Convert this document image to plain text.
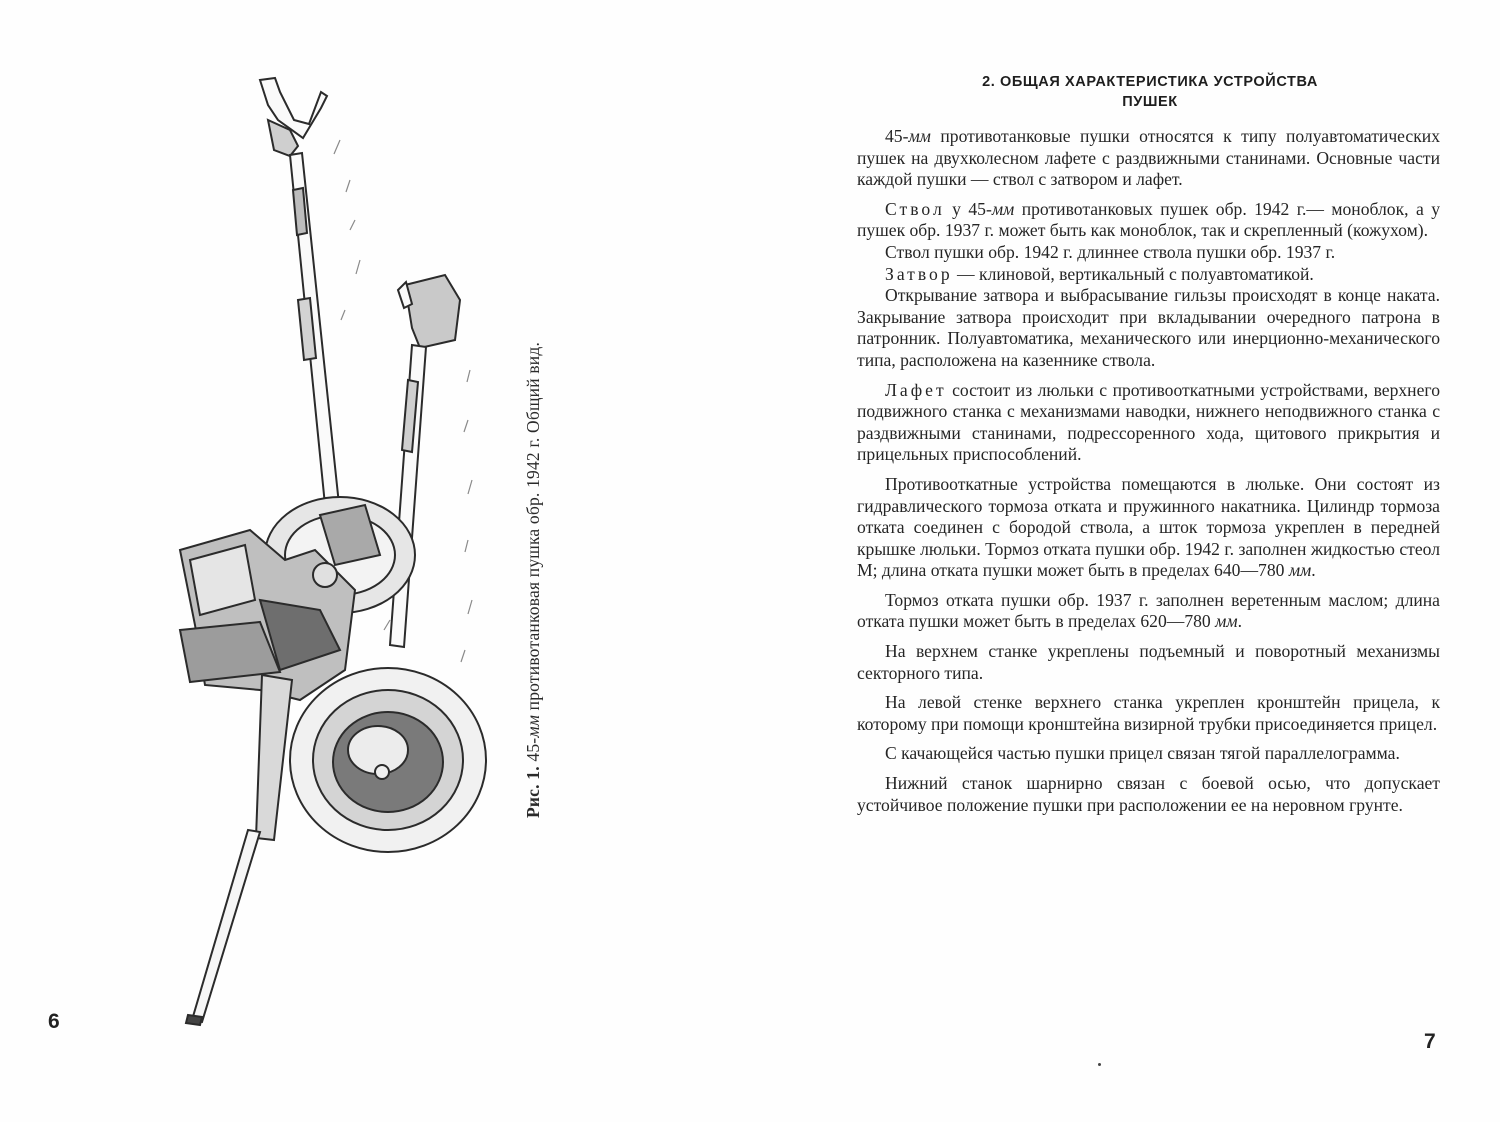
Рис. 1. 45-мм противотанковая пушка обр. 1942 г. Общий вид.
6
2. ОБЩАЯ ХАРАКТЕРИСТИКА УСТРОЙСТВА
ПУШЕК

45-мм противотанковые пушки относятся к типу полуавтоматических пушек на двухколесном лафете с раздвижными станинами. Основные части каждой пушки — ствол с затвором и лафет.

Ствол у 45-мм противотанковых пушек обр. 1942 г.— моноблок, а у пушек обр. 1937 г. может быть как моноблок, так и скрепленный (кожухом).

Ствол пушки обр. 1942 г. длиннее ствола пушки обр. 1937 г.

Затвор — клиновой, вертикальный с полуавтоматикой.

Открывание затвора и выбрасывание гильзы происходят в конце наката. Закрывание затвора происходит при вкладывании очередного патрона в патронник. Полуавтоматика, механического или инерционно-механического типа, расположена на казеннике ствола.

Лафет состоит из люльки с противооткатными устройствами, верхнего подвижного станка с механизмами наводки, нижнего неподвижного станка с раздвижными станинами, подрессоренного хода, щитового прикрытия и прицельных приспособлений.

Противооткатные устройства помещаются в люльке. Они состоят из гидравлического тормоза отката и пружинного накатника. Цилиндр тормоза отката соединен с бородой ствола, а шток тормоза укреплен в передней крышке люльки. Тормоз отката пушки обр. 1942 г. заполнен жидкостью стеол М; длина отката пушки может быть в пределах 640—780 мм.

Тормоз отката пушки обр. 1937 г. заполнен веретенным маслом; длина отката пушки может быть в пределах 620—780 мм.

На верхнем станке укреплены подъемный и поворотный механизмы секторного типа.

На левой стенке верхнего станка укреплен кронштейн прицела, к которому при помощи кронштейна визирной трубки присоединяется прицел.

С качающейся частью пушки прицел связан тягой параллелограмма.

Нижний станок шарнирно связан с боевой осью, что допускает устойчивое положение пушки при расположении ее на неровном грунте.

7
